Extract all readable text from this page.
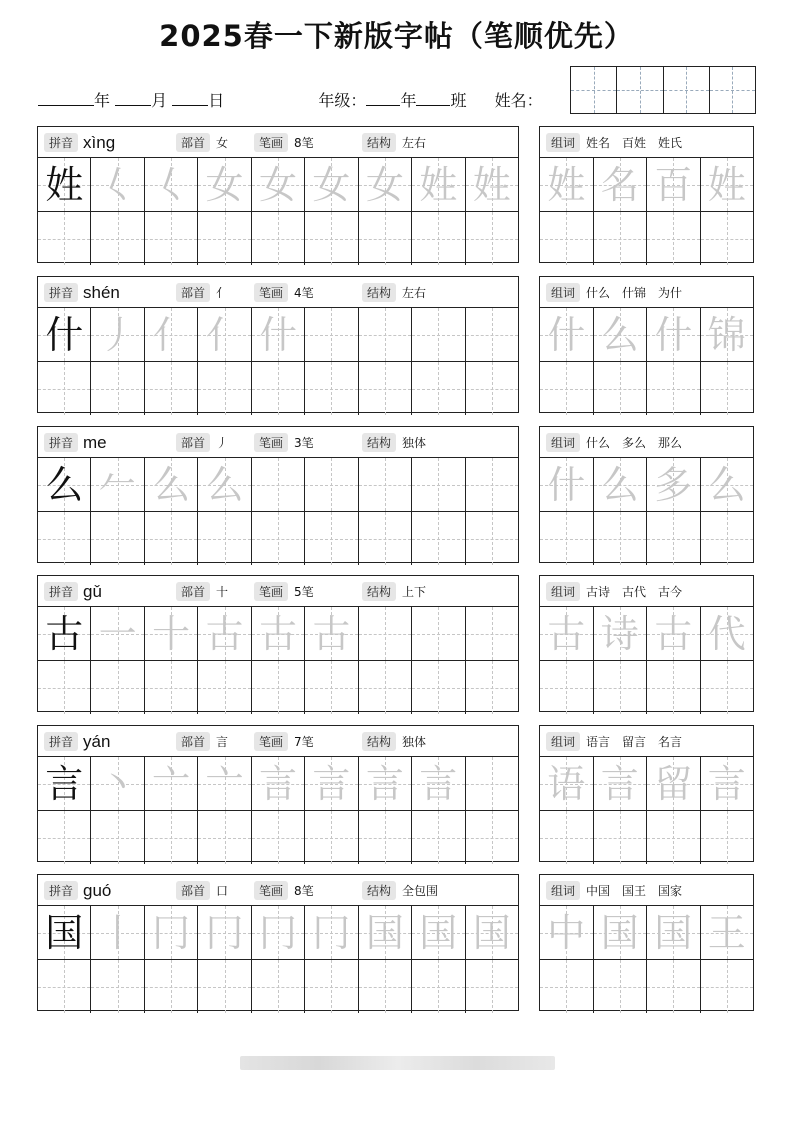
2025春一下新版字帖（笔顺优先）
年	月	日	年级： 年 班 姓名：
拼音 xìng	部首 女	笔画 8笔	结构 左右
姓 𡿨 𡿨 女 女 女 女 姓 姓
组词 姓名　百姓　姓氏
姓 名 百 姓
拼音 shén	部首 亻	笔画 4笔	结构 左右
什 丿 亻 亻 什
组词 什么　什锦　为什
什 么 什 锦
拼音 me	部首 丿	笔画 3笔	结构 独体
么 𠂉 么 么
组词 什么　多么　那么
什 么 多 么
拼音 gǔ	部首 十	笔画 5笔	结构 上下
古 一 十 古 古 古
组词 古诗　古代　古今
古 诗 古 代
拼音 yán	部首 言	笔画 7笔	结构 独体
言 丶 亠 亠 言 言 言 言
组词 语言　留言　名言
语 言 留 言
拼音 guó	部首 口	笔画 8笔	结构 全包围
国 丨 冂 冂 冂 冂 国 国 国
组词 中国　国王　国家
中 国 国 王
